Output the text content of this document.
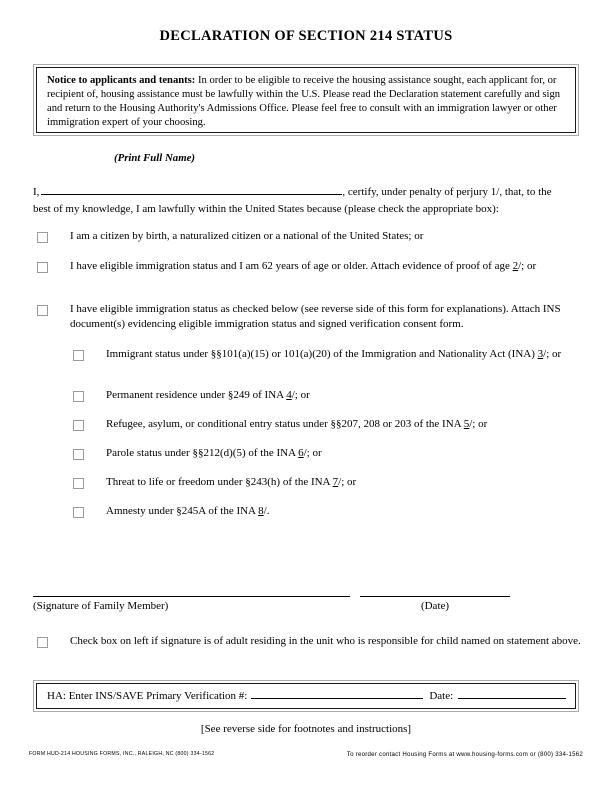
DECLARATION OF SECTION 214 STATUS
Notice to applicants and tenants: In order to be eligible to receive the housing assistance sought, each applicant for, or recipient of, housing assistance must be lawfully within the U.S. Please read the Declaration statement carefully and sign and return to the Housing Authority's Admissions Office. Please feel free to consult with an immigration lawyer or other immigration expert of your choosing.
(Print Full Name)
I,	, certify, under penalty of perjury 1/, that, to the
best of my knowledge, I am lawfully within the United States because (please check the appropriate box):
I am a citizen by birth, a naturalized citizen or a national of the United States; or
I have eligible immigration status and I am 62 years of age or older. Attach evidence of proof of age 2/; or
I have eligible immigration status as checked below (see reverse side of this form for explanations). Attach INS document(s) evidencing eligible immigration status and signed verification consent form.
Immigrant status under §§101(a)(15) or 101(a)(20) of the Immigration and Nationality Act (INA) 3/; or
Permanent residence under §249 of INA 4/; or
Refugee, asylum, or conditional entry status under §§207, 208 or 203 of the INA 5/; or
Parole status under §§212(d)(5) of the INA 6/; or
Threat to life or freedom under §243(h) of the INA 7/; or
Amnesty under §245A of the INA 8/.
(Signature of Family Member)	(Date)
Check box on left if signature is of adult residing in the unit who is responsible for child named on statement above.
HA: Enter INS/SAVE Primary Verification #:	Date:
[See reverse side for footnotes and instructions]
FORM HUD-214 HOUSING FORMS, INC., RALEIGH, NC (800) 334-1562	To reorder contact Housing Forms at www.housing-forms.com or (800) 334-1562
